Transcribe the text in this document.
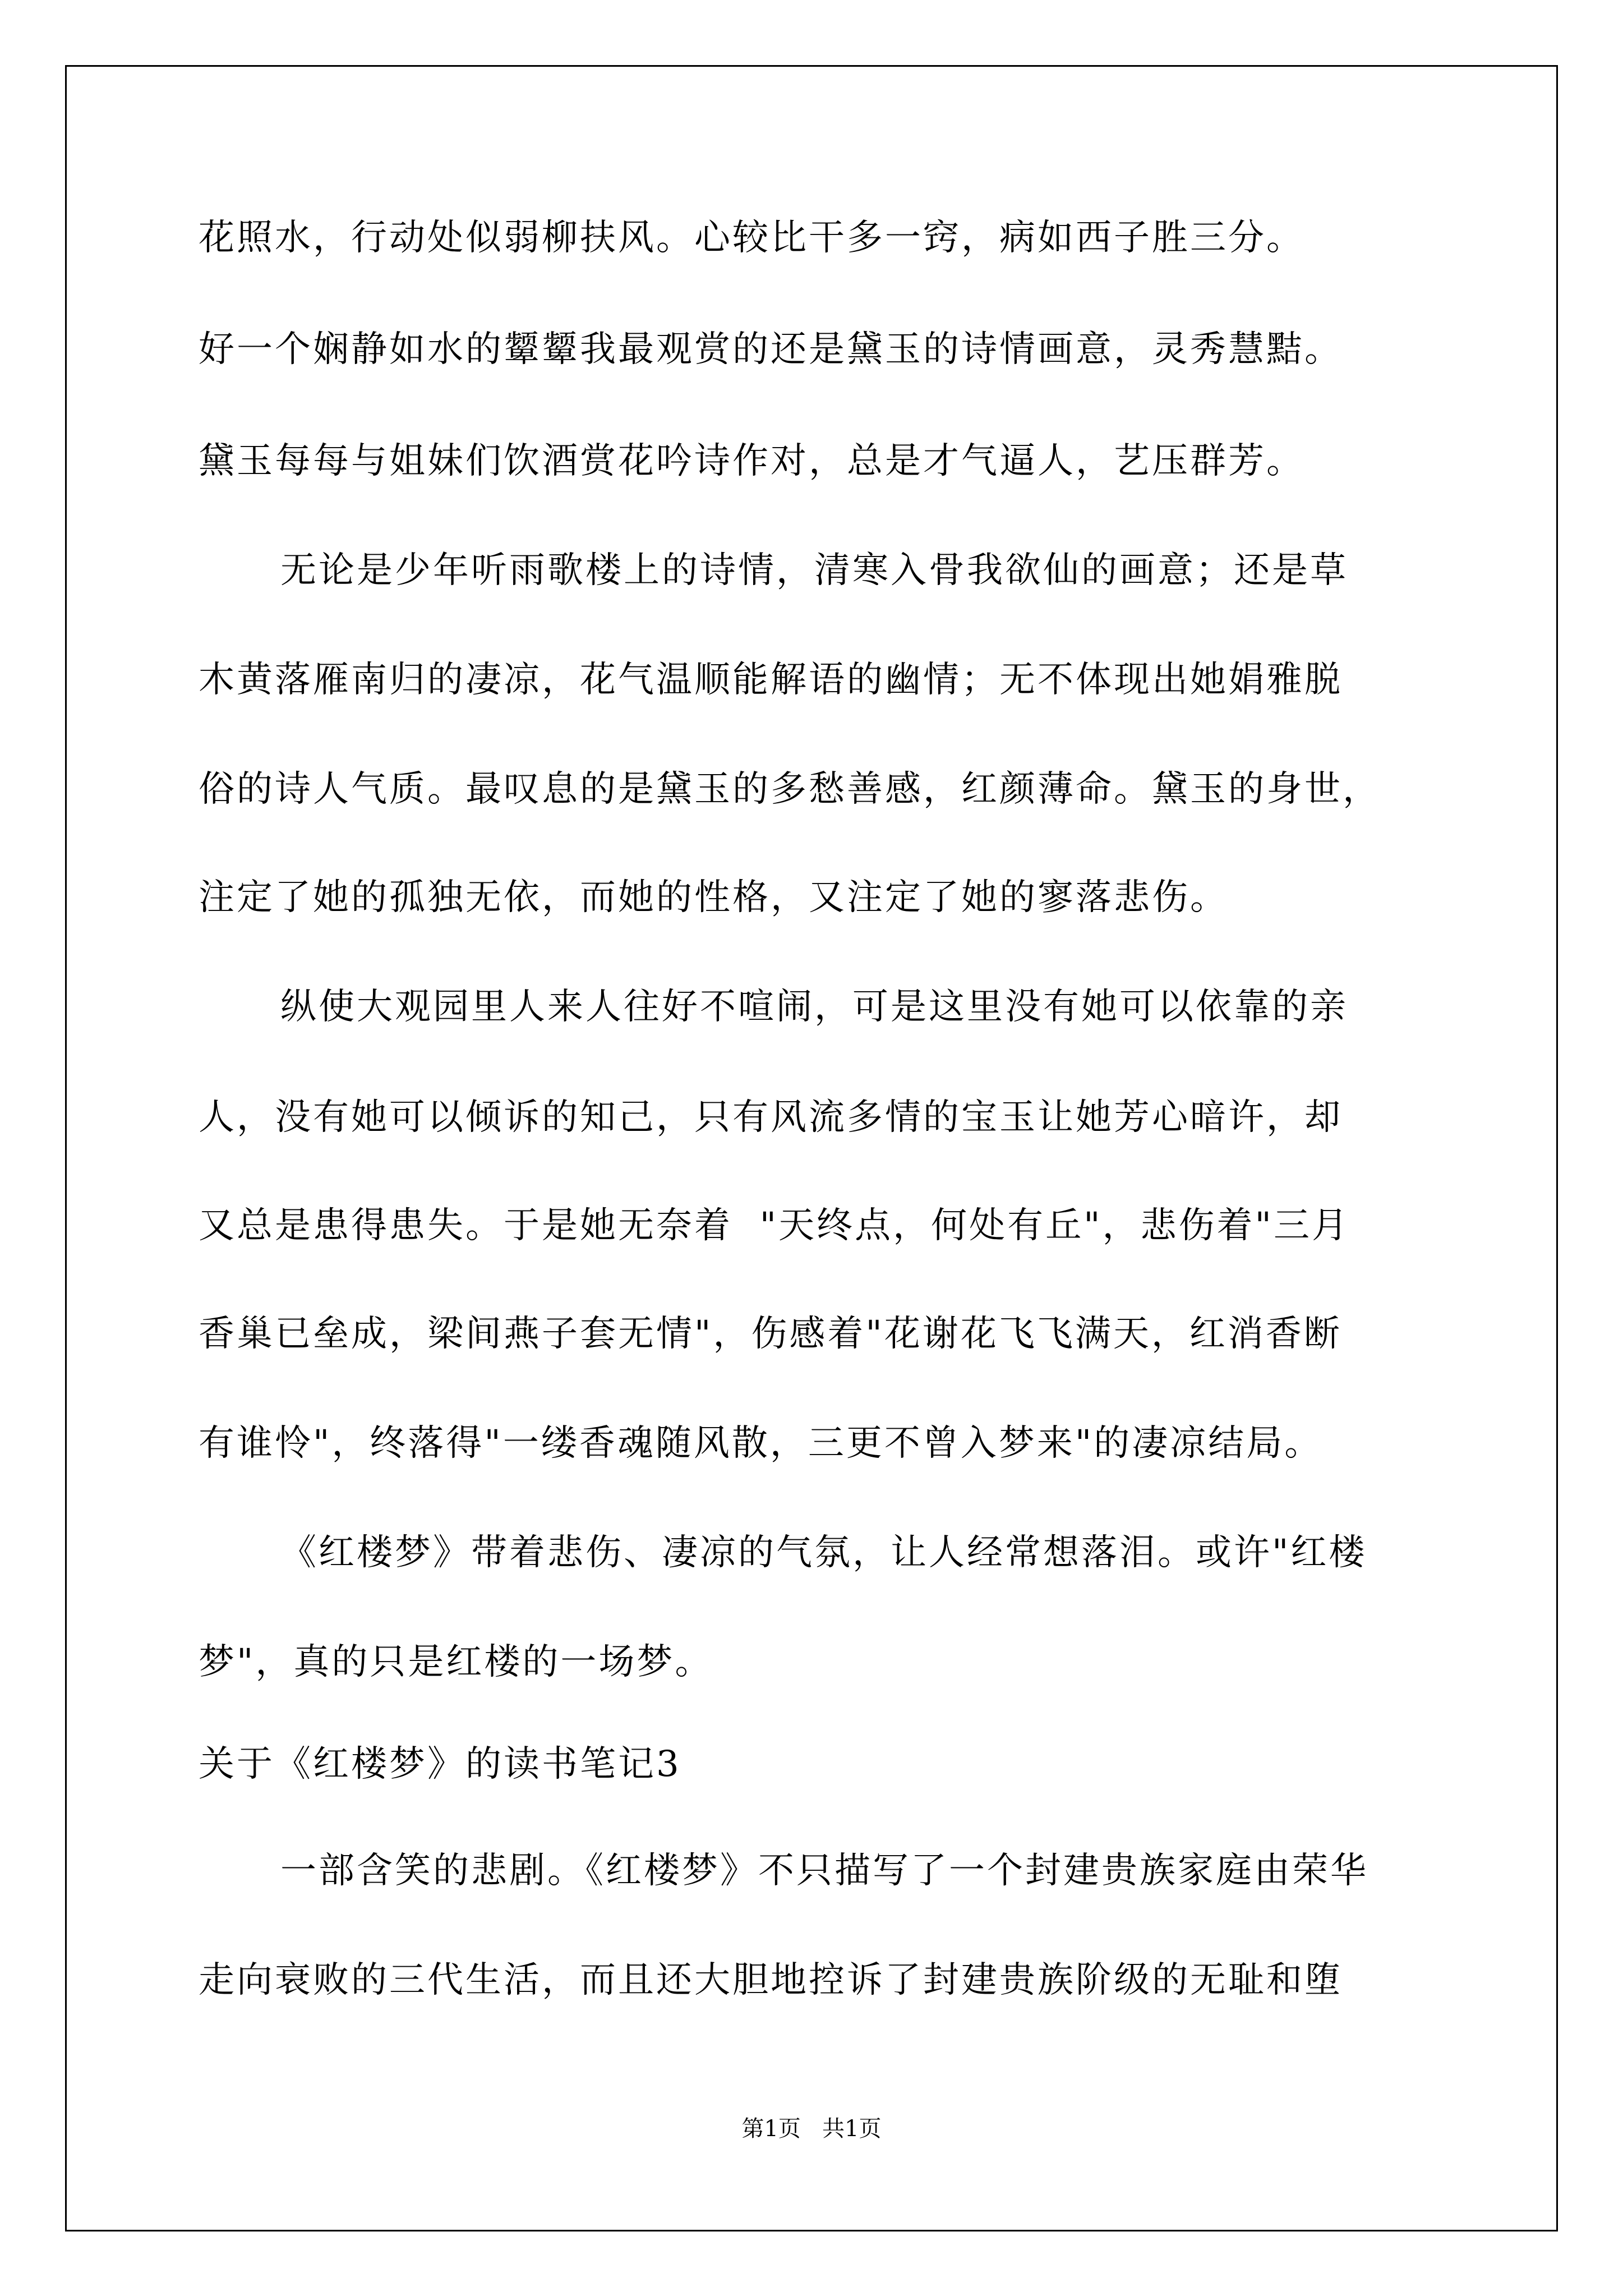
花照水，行动处似弱柳扶风。心较比干多一窍，病如西子胜三分。
好一个娴静如水的颦颦我最观赏的还是黛玉的诗情画意，灵秀慧黠。
黛玉每每与姐妹们饮酒赏花吟诗作对，总是才气逼人，艺压群芳。
无论是少年听雨歌楼上的诗情，清寒入骨我欲仙的画意；还是草
木黄落雁南归的凄凉，花气温顺能解语的幽情；无不体现出她娟雅脱
俗的诗人气质。最叹息的是黛玉的多愁善感，红颜薄命。黛玉的身世，
注定了她的孤独无依，而她的性格，又注定了她的寥落悲伤。
纵使大观园里人来人往好不喧闹，可是这里没有她可以依靠的亲
人，没有她可以倾诉的知己，只有风流多情的宝玉让她芳心暗许，却
又总是患得患失。于是她无奈着  "天终点，何处有丘"，悲伤着"三月
香巢已垒成，梁间燕子套无情"，伤感着"花谢花飞飞满天，红消香断
有谁怜"，终落得"一缕香魂随风散，三更不曾入梦来"的凄凉结局。
《红楼梦》带着悲伤、凄凉的气氛，让人经常想落泪。或许"红楼
梦"，真的只是红楼的一场梦。
关于《红楼梦》的读书笔记3
一部含笑的悲剧。《红楼梦》不只描写了一个封建贵族家庭由荣华
走向衰败的三代生活，而且还大胆地控诉了封建贵族阶级的无耻和堕
第1页   共1页
